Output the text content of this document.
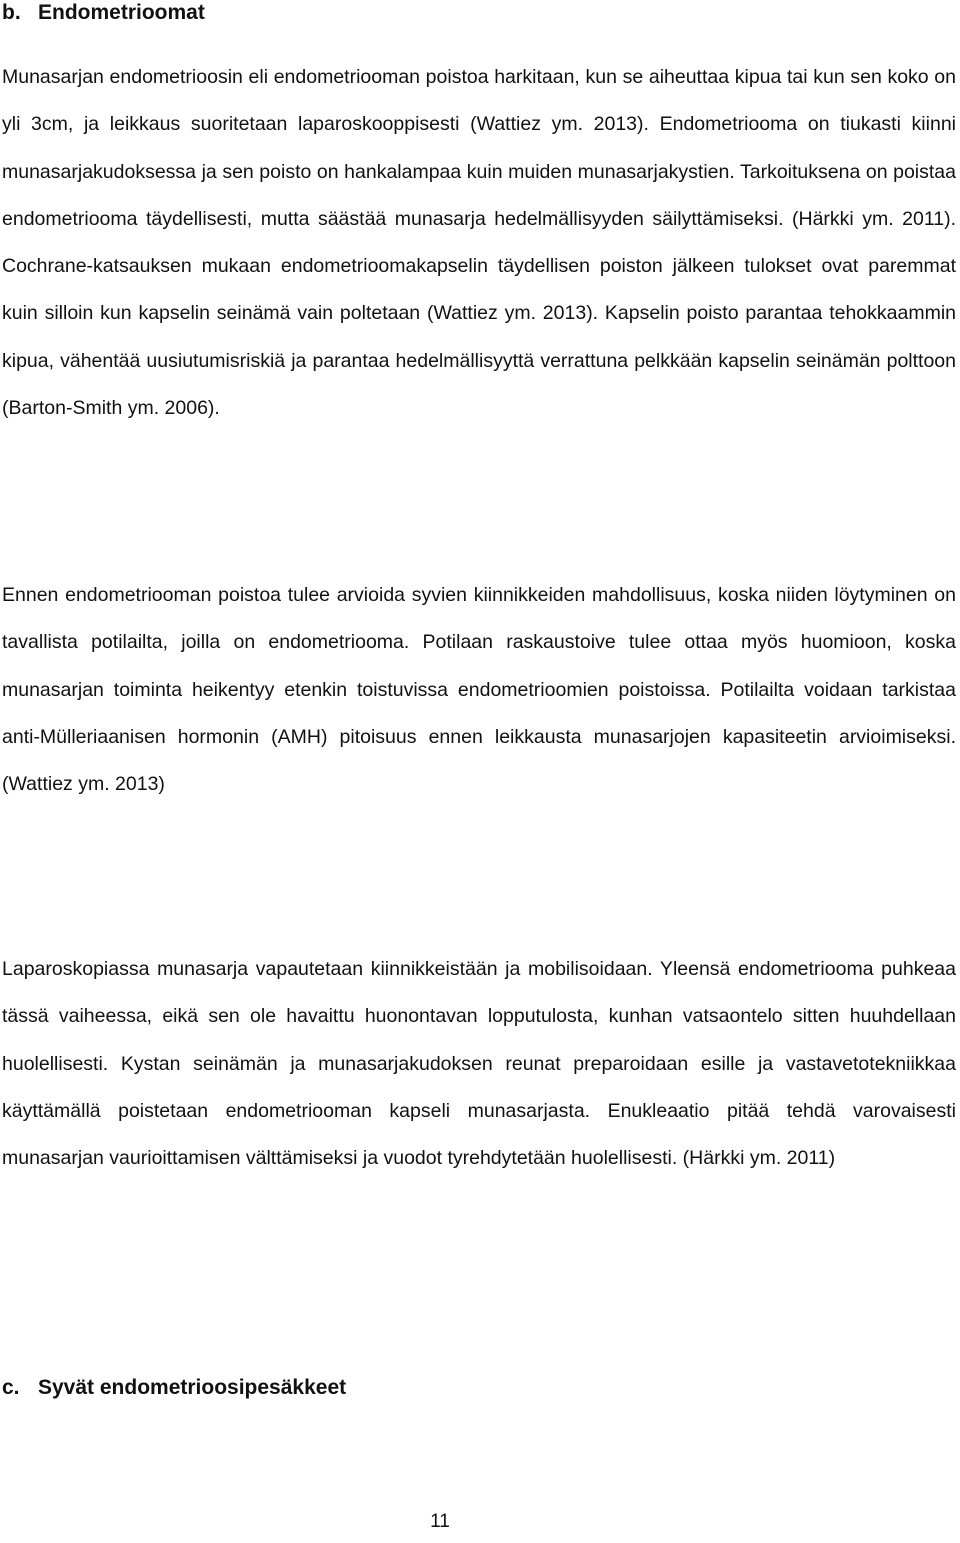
b. Endometrioomat

Munasarjan endometrioosin eli endometriooman poistoa harkitaan, kun se aiheuttaa kipua tai kun sen koko on yli 3cm, ja leikkaus suoritetaan laparoskooppisesti (Wattiez ym. 2013). Endometriooma on tiukasti kiinni munasarjakudoksessa ja sen poisto on hankalampaa kuin muiden munasarjakystien. Tarkoituksena on poistaa endometriooma täydellisesti, mutta säästää munasarja hedelmällisyyden säilyttämiseksi. (Härkki ym. 2011). Cochrane-katsauksen mukaan endometrioomakapselin täydellisen poiston jälkeen tulokset ovat paremmat kuin silloin kun kapselin seinämä vain poltetaan (Wattiez ym. 2013). Kapselin poisto parantaa tehokkaammin kipua, vähentää uusiutumisriskiä ja parantaa hedelmällisyyttä verrattuna pelkkään kapselin seinämän polttoon (Barton-Smith ym. 2006).

Ennen endometriooman poistoa tulee arvioida syvien kiinnikkeiden mahdollisuus, koska niiden löytyminen on tavallista potilailta, joilla on endometriooma. Potilaan raskaustoive tulee ottaa myös huomioon, koska munasarjan toiminta heikentyy etenkin toistuvissa endometrioomien poistoissa. Potilailta voidaan tarkistaa anti-Mülleriaanisen hormonin (AMH) pitoisuus ennen leikkausta munasarjojen kapasiteetin arvioimiseksi. (Wattiez ym. 2013)

Laparoskopiassa munasarja vapautetaan kiinnikkeistään ja mobilisoidaan. Yleensä endometriooma puhkeaa tässä vaiheessa, eikä sen ole havaittu huonontavan lopputulosta, kunhan vatsaontelo sitten huuhdellaan huolellisesti. Kystan seinämän ja munasarjakudoksen reunat preparoidaan esille ja vastavetotekniikkaa käyttämällä poistetaan endometriooman kapseli munasarjasta. Enukleaatio pitää tehdä varovaisesti munasarjan vaurioittamisen välttämiseksi ja vuodot tyrehdytetään huolellisesti. (Härkki ym. 2011)

c. Syvät endometrioosipesäkkeet
11
